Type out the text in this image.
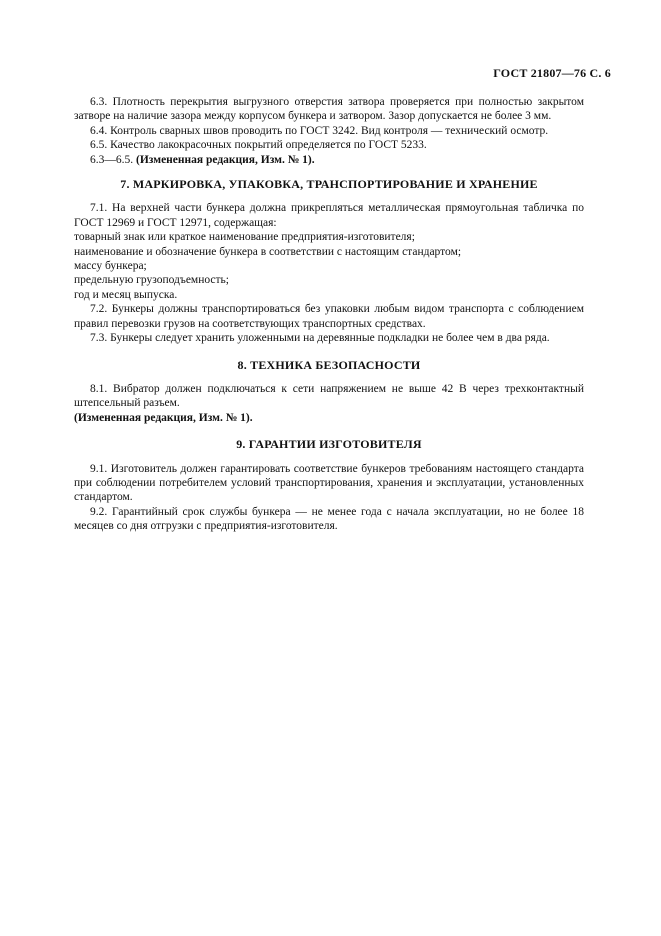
ГОСТ 21807—76 С. 6

6.3. Плотность перекрытия выгрузного отверстия затвора проверяется при полностью закрытом затворе на наличие зазора между корпусом бункера и затвором. Зазор допускается не более 3 мм.

6.4. Контроль сварных швов проводить по ГОСТ 3242. Вид контроля — технический осмотр.

6.5. Качество лакокрасочных покрытий определяется по ГОСТ 5233.

6.3—6.5. (Измененная редакция, Изм. № 1).

7. МАРКИРОВКА, УПАКОВКА, ТРАНСПОРТИРОВАНИЕ И ХРАНЕНИЕ

7.1. На верхней части бункера должна прикрепляться металлическая прямоугольная табличка по ГОСТ 12969 и ГОСТ 12971, содержащая:

товарный знак или краткое наименование предприятия-изготовителя;

наименование и обозначение бункера в соответствии с настоящим стандартом;

массу бункера;

предельную грузоподъемность;

год и месяц выпуска.

7.2. Бункеры должны транспортироваться без упаковки любым видом транспорта с соблюдением правил перевозки грузов на соответствующих транспортных средствах.

7.3. Бункеры следует хранить уложенными на деревянные подкладки не более чем в два ряда.

8. ТЕХНИКА БЕЗОПАСНОСТИ

8.1. Вибратор должен подключаться к сети напряжением не выше 42 В через трехконтактный штепсельный разъем.

(Измененная редакция, Изм. № 1).

9. ГАРАНТИИ ИЗГОТОВИТЕЛЯ

9.1. Изготовитель должен гарантировать соответствие бункеров требованиям настоящего стандарта при соблюдении потребителем условий транспортирования, хранения и эксплуатации, установленных стандартом.

9.2. Гарантийный срок службы бункера — не менее года с начала эксплуатации, но не более 18 месяцев со дня отгрузки с предприятия-изготовителя.
